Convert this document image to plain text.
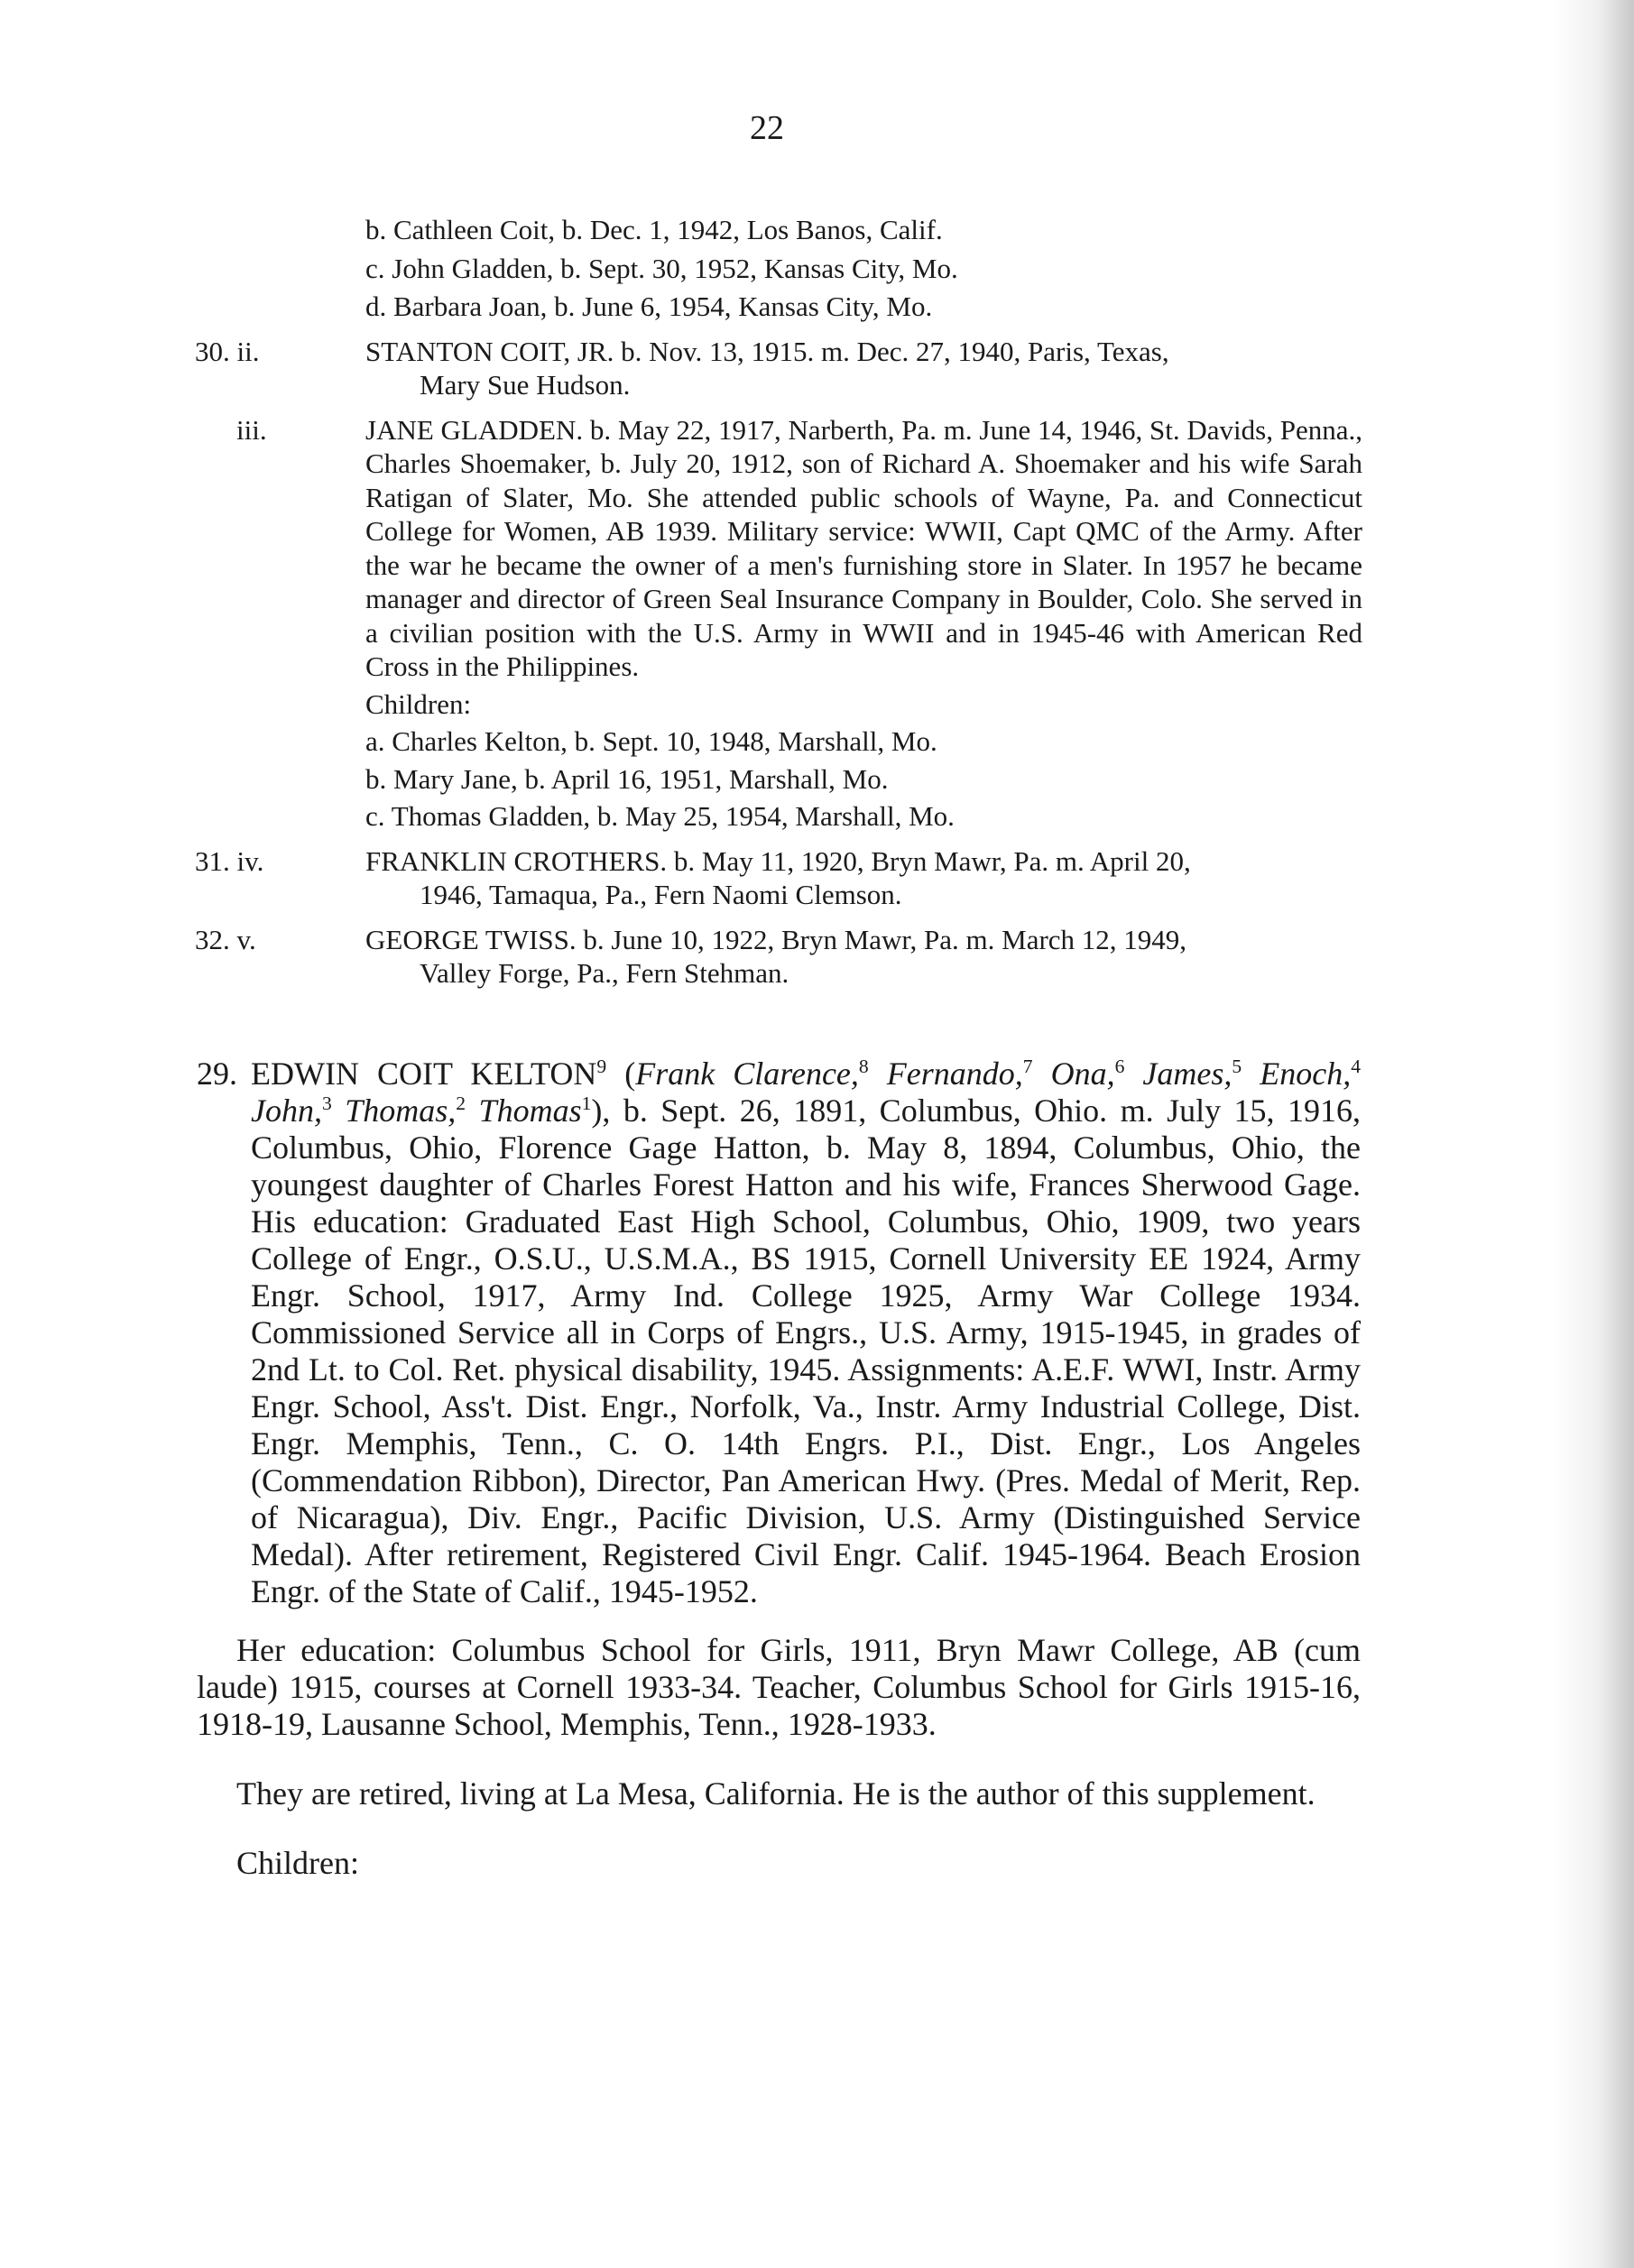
22
b. Cathleen Coit, b. Dec. 1, 1942, Los Banos, Calif.
c. John Gladden, b. Sept. 30, 1952, Kansas City, Mo.
d. Barbara Joan, b. June 6, 1954, Kansas City, Mo.
30. ii.	STANTON COIT, JR. b. Nov. 13, 1915. m. Dec. 27, 1940, Paris, Texas,
Mary Sue Hudson.
iii.	JANE GLADDEN. b. May 22, 1917, Narberth, Pa. m. June 14, 1946, St. Davids, Penna., Charles Shoemaker, b. July 20, 1912, son of Richard A. Shoemaker and his wife Sarah Ratigan of Slater, Mo. She attended public schools of Wayne, Pa. and Connecticut College for Women, AB 1939. Military service: WWII, Capt QMC of the Army. After the war he became the owner of a men's furnishing store in Slater. In 1957 he became manager and director of Green Seal Insurance Company in Boulder, Colo. She served in a civilian position with the U.S. Army in WWII and in 1945-46 with American Red Cross in the Philippines.

Children:
a. Charles Kelton, b. Sept. 10, 1948, Marshall, Mo.
b. Mary Jane, b. April 16, 1951, Marshall, Mo.
c. Thomas Gladden, b. May 25, 1954, Marshall, Mo.
31. iv.	FRANKLIN CROTHERS. b. May 11, 1920, Bryn Mawr, Pa. m. April 20,
1946, Tamaqua, Pa., Fern Naomi Clemson.
32. v.	GEORGE TWISS. b. June 10, 1922, Bryn Mawr, Pa. m. March 12, 1949,
Valley Forge, Pa., Fern Stehman.
29. EDWIN COIT KELTON$^9$ (Frank Clarence,$^8$ Fernando,$^7$ Ona,$^6$ James,$^5$ Enoch,$^4$ John,$^3$ Thomas,$^2$ Thomas$^1$), b. Sept. 26, 1891, Columbus, Ohio. m. July 15, 1916, Columbus, Ohio, Florence Gage Hatton, b. May 8, 1894, Columbus, Ohio, the youngest daughter of Charles Forest Hatton and his wife, Frances Sherwood Gage. His education: Graduated East High School, Columbus, Ohio, 1909, two years College of Engr., O.S.U., U.S.M.A., BS 1915, Cornell University EE 1924, Army Engr. School, 1917, Army Ind. College 1925, Army War College 1934. Commissioned Service all in Corps of Engrs., U.S. Army, 1915-1945, in grades of 2nd Lt. to Col. Ret. physical disability, 1945. Assignments: A.E.F. WWI, Instr. Army Engr. School, Ass't. Dist. Engr., Norfolk, Va., Instr. Army Industrial College, Dist. Engr. Memphis, Tenn., C. O. 14th Engrs. P.I., Dist. Engr., Los Angeles (Commendation Ribbon), Director, Pan American Hwy. (Pres. Medal of Merit, Rep. of Nicaragua), Div. Engr., Pacific Division, U.S. Army (Distinguished Service Medal). After retirement, Registered Civil Engr. Calif. 1945-1964. Beach Erosion Engr. of the State of Calif., 1945-1952.

Her education: Columbus School for Girls, 1911, Bryn Mawr College, AB (cum laude) 1915, courses at Cornell 1933-34. Teacher, Columbus School for Girls 1915-16, 1918-19, Lausanne School, Memphis, Tenn., 1928-1933.

They are retired, living at La Mesa, California. He is the author of this supplement.

Children:
